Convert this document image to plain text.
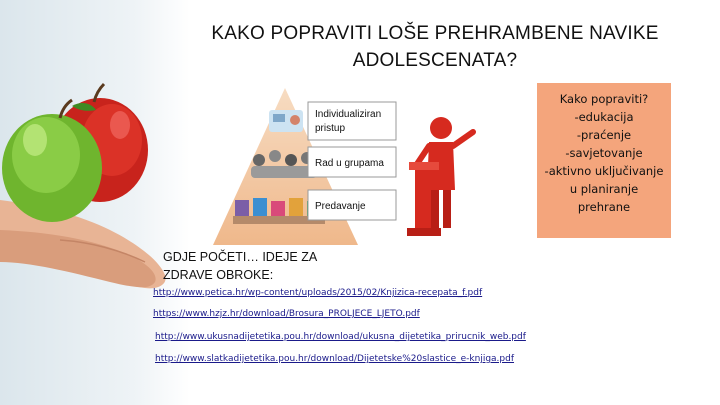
KAKO POPRAVITI LOŠE PREHRAMBENE NAVIKE
ADOLESCENATA?
Individualiziran
pristup
Rad u grupama
Predavanje
Kako popraviti?
-edukacija
-praćenje
-savjetovanje
-aktivno uključivanje
u planiranje
prehrane
GDJE POČETI… IDEJE ZA
ZDRAVE OBROKE:
http://www.petica.hr/wp-content/uploads/2015/02/Knjizica-recepata_f.pdf
https://www.hzjz.hr/download/Brosura_PROLJECE_LJETO.pdf
http://www.ukusnadijetetika.pou.hr/download/ukusna_dijetetika_prirucnik_web.pdf
http://www.slatkadijetetika.pou.hr/download/Dijetetske%20slastice_e-knjiga.pdf
